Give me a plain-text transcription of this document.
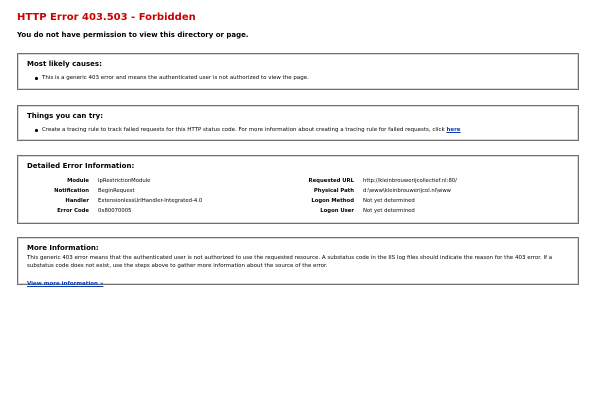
HTTP Error 403.503 - Forbidden
You do not have permission to view this directory or page.
Most likely causes:
This is a generic 403 error and means the authenticated user is not authorized to view the page.
Things you can try:
Create a tracing rule to track failed requests for this HTTP status code. For more information about creating a tracing rule for failed requests, click here
Detailed Error Information:
Module	IpRestrictionModule	Requested URL	http://kleinbrouwerijcollectief.nl:80/
Notification	BeginRequest	Physical Path	d:\www\kleinbrouwerijcol.nl\www
Handler	ExtensionlessUrlHandler-Integrated-4.0	Logon Method	Not yet determined
Error Code	0x80070005	Logon User	Not yet determined
More Information:

This generic 403 error means that the authenticated user is not authorized to use the requested resource. A substatus code in the IIS log files should indicate the reason for the 403 error. If a substatus code does not exist, use the steps above to gather more information about the source of the error.

View more information »
